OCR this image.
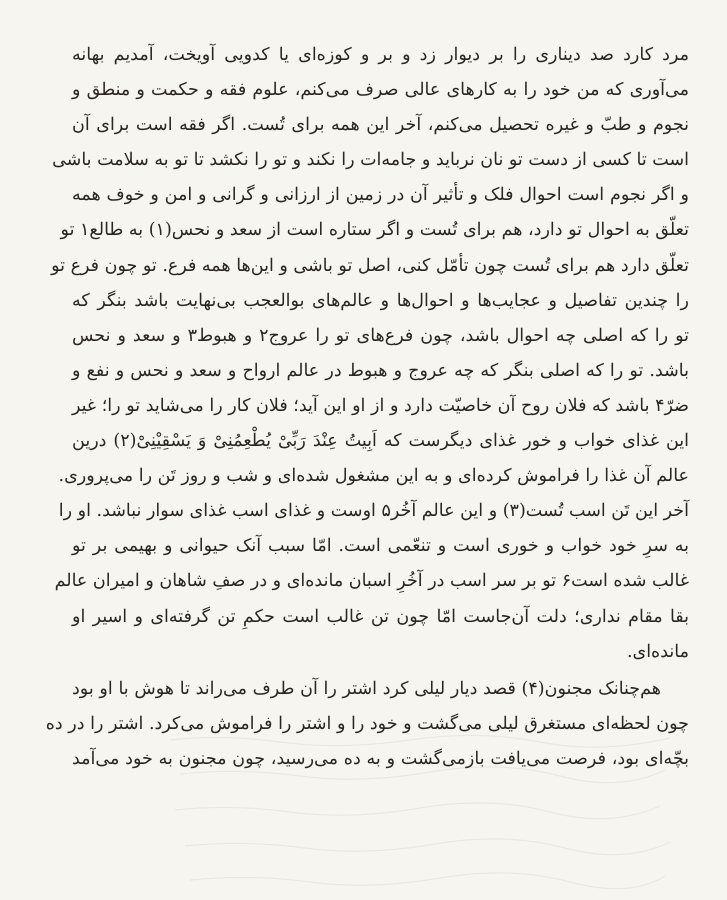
مرد کارد صد دیناری را بر دیوار زد و بر و کوزه‌ای یا کدویی آویخت، آمدیم بهانه
می‌آوری که من خود را به کارهای عالی صرف می‌کنم، علوم فقه و حکمت و منطق و
نجوم و طبّ و غیره تحصیل می‌کنم، آخر این همه برای تُست. اگر فقه است برای آن
است تا کسی از دست تو نان نرباید و جامه‌ات را نکند و تو را نکشد تا تو به سلامت باشی
و اگر نجوم است احوال فلک و تأثیر آن در زمین از ارزانی و گرانی و امن و خوف همه
تعلّق به احوال تو دارد، هم برای تُست و اگر ستاره است از سعد و نحس(۱) به طالع۱ تو
تعلّق دارد هم برای تُست چون تأمّل کنی، اصل تو باشی و این‌ها همه فرع. تو چون فرع تو
را چندین تفاصیل و عجایب‌ها و احوال‌ها و عالم‌های بوالعجب بی‌نهایت باشد بنگر که
تو را که اصلی چه احوال باشد، چون فرع‌های تو را عروج۲ و هبوط۳ و سعد و نحس
باشد. تو را که اصلی بنگر که چه عروج و هبوط در عالم ارواح و سعد و نحس و نفع و
ضرّ۴ باشد که فلان روح آن خاصیّت دارد و از او این آید؛ فلان کار را می‌شاید تو را؛ غیر
این غذای خواب و خور غذای دیگرست که اَبِیتُ عِنْدَ رَبِّیْ یُطْعِمُنِیْ وَ یَسْقِیْنِیْ(۲) درین
عالم آن غذا را فراموش کرده‌ای و به این مشغول شده‌ای و شب و روز تَن را می‌پروری.
آخر این تَن اسب تُست(۳) و این عالم آخُر۵ اوست و غذای اسب غذای سوار نباشد. او را
به سرِ خود خواب و خوری است و تنعّمی است. امّا سبب آنک حیوانی و بهیمی بر تو
غالب شده است۶ تو بر سر اسب در آخُرِ اسبان مانده‌ای و در صفِ شاهان و امیران عالم
بقا مقام نداری؛ دلت آن‌جاست امّا چون تن غالب است حکمِ تن گرفته‌ای و اسیر او
مانده‌ای.
هم‌چنانک مجنون(۴) قصد دیار لیلی کرد اشتر را آن طرف می‌راند تا هوش با او بود
چون لحظه‌ای مستغرق لیلی می‌گشت و خود را و اشتر را فراموش می‌کرد. اشتر را در ده
بچّه‌ای بود، فرصت می‌یافت بازمی‌گشت و به ده می‌رسید، چون مجنون به خود می‌آمد
